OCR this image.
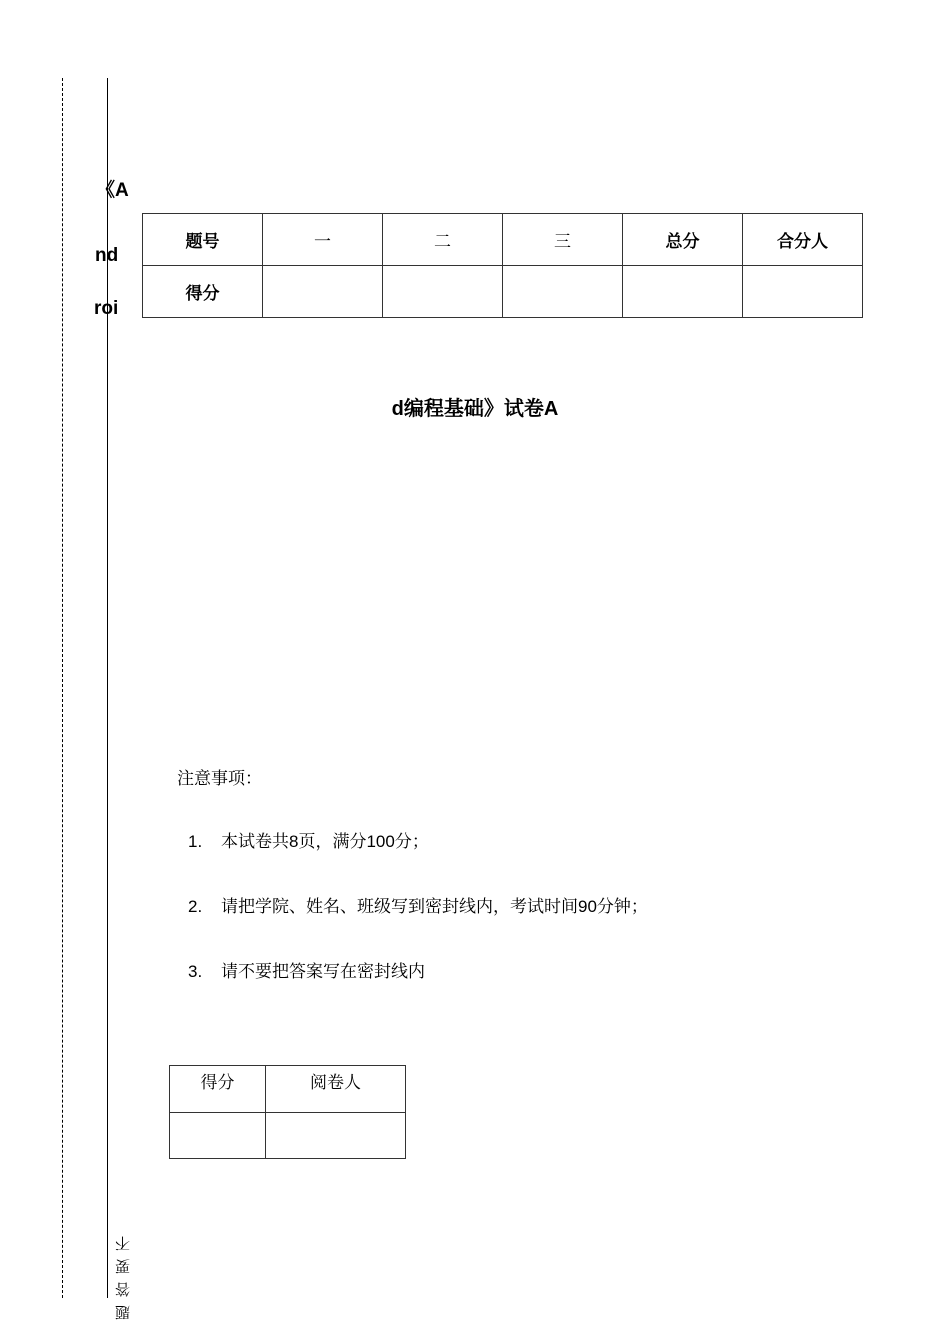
《A
nd
roi
题号	一	二	三	总分	合分人
得分					
d编程基础》试卷A
注意事项：
1. 本试卷共8页，满分100分；
2. 请把学院、姓名、班级写到密封线内，考试时间90分钟；
3. 请不要把答案写在密封线内
得分	阅卷人

题答要不
